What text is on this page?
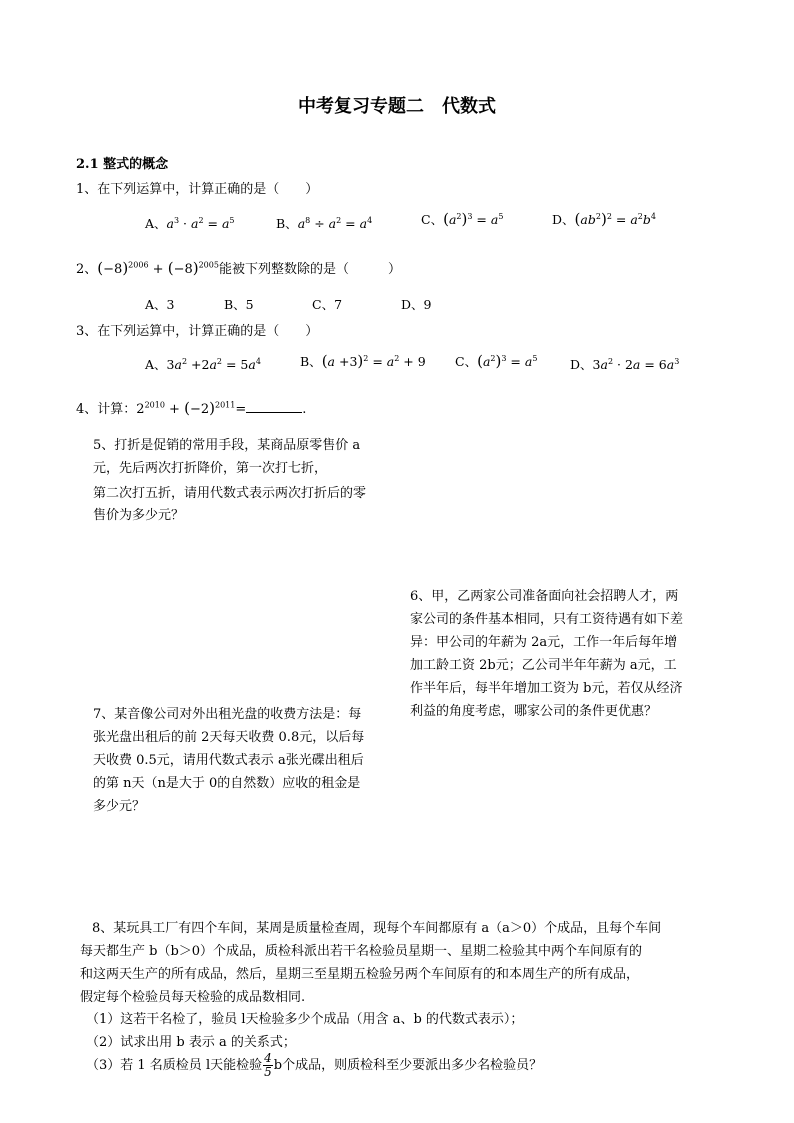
中考复习专题二　代数式
2.1 整式的概念
1、在下列运算中，计算正确的是（　　）
A、$a^3 \cdot a^2 = a^5$	B、$a^8 \div a^2 = a^4$	C、$(a^2)^3 = a^5$	D、$(ab^2)^2 = a^2b^4$
2、$(-8)^{2006} + (-8)^{2005}$能被下列整数除的是（　　　）
A、3	B、5	C、7	D、9
3、在下列运算中，计算正确的是（　　）
A、$3a^2 +2a^2 = 5a^4$	B、$(a +3)^2 = a^2 + 9$ C、$(a^2)^3 = a^5$	D、$3a^2 \cdot 2a = 6a^3$
4、计算：$2^{2010} + (-2)^{2011}=$	.
5、打折是促销的常用手段，某商品原零售价 a
元，先后两次打折降价，第一次打七折，
第二次打五折，请用代数式表示两次打折后的零
售价为多少元？
6、甲，乙两家公司准备面向社会招聘人才，两
家公司的条件基本相同，只有工资待遇有如下差
异：甲公司的年薪为 2a元，工作一年后每年增
加工龄工资 2b元；乙公司半年年薪为 a元，工
作半年后，每半年增加工资为 b元，若仅从经济
利益的角度考虑，哪家公司的条件更优惠？
7、某音像公司对外出租光盘的收费方法是：每
张光盘出租后的前 2天每天收费 0.8元，以后每
天收费 0.5元，请用代数式表示 a张光碟出租后
的第 n天（n是大于 0的自然数）应收的租金是
多少元？
8、某玩具工厂有四个车间，某周是质量检查周，现每个车间都原有 a（a＞0）个成品，且每个车间
每天都生产 b（b＞0）个成品，质检科派出若干名检验员星期一、星期二检验其中两个车间原有的
和这两天生产的所有成品，然后，星期三至星期五检验另两个车间原有的和本周生产的所有成品，
假定每个检验员每天检验的成品数相同.
（1）这若干名检了，验员 l天检验多少个成品（用含 a、b 的代数式表示）；
（2）试求出用 b 表示 a 的关系式；
（3）若 1 名质检员 l天能检验 $\frac{4}{5}$ b个成品，则质检科至少要派出多少名检验员？
